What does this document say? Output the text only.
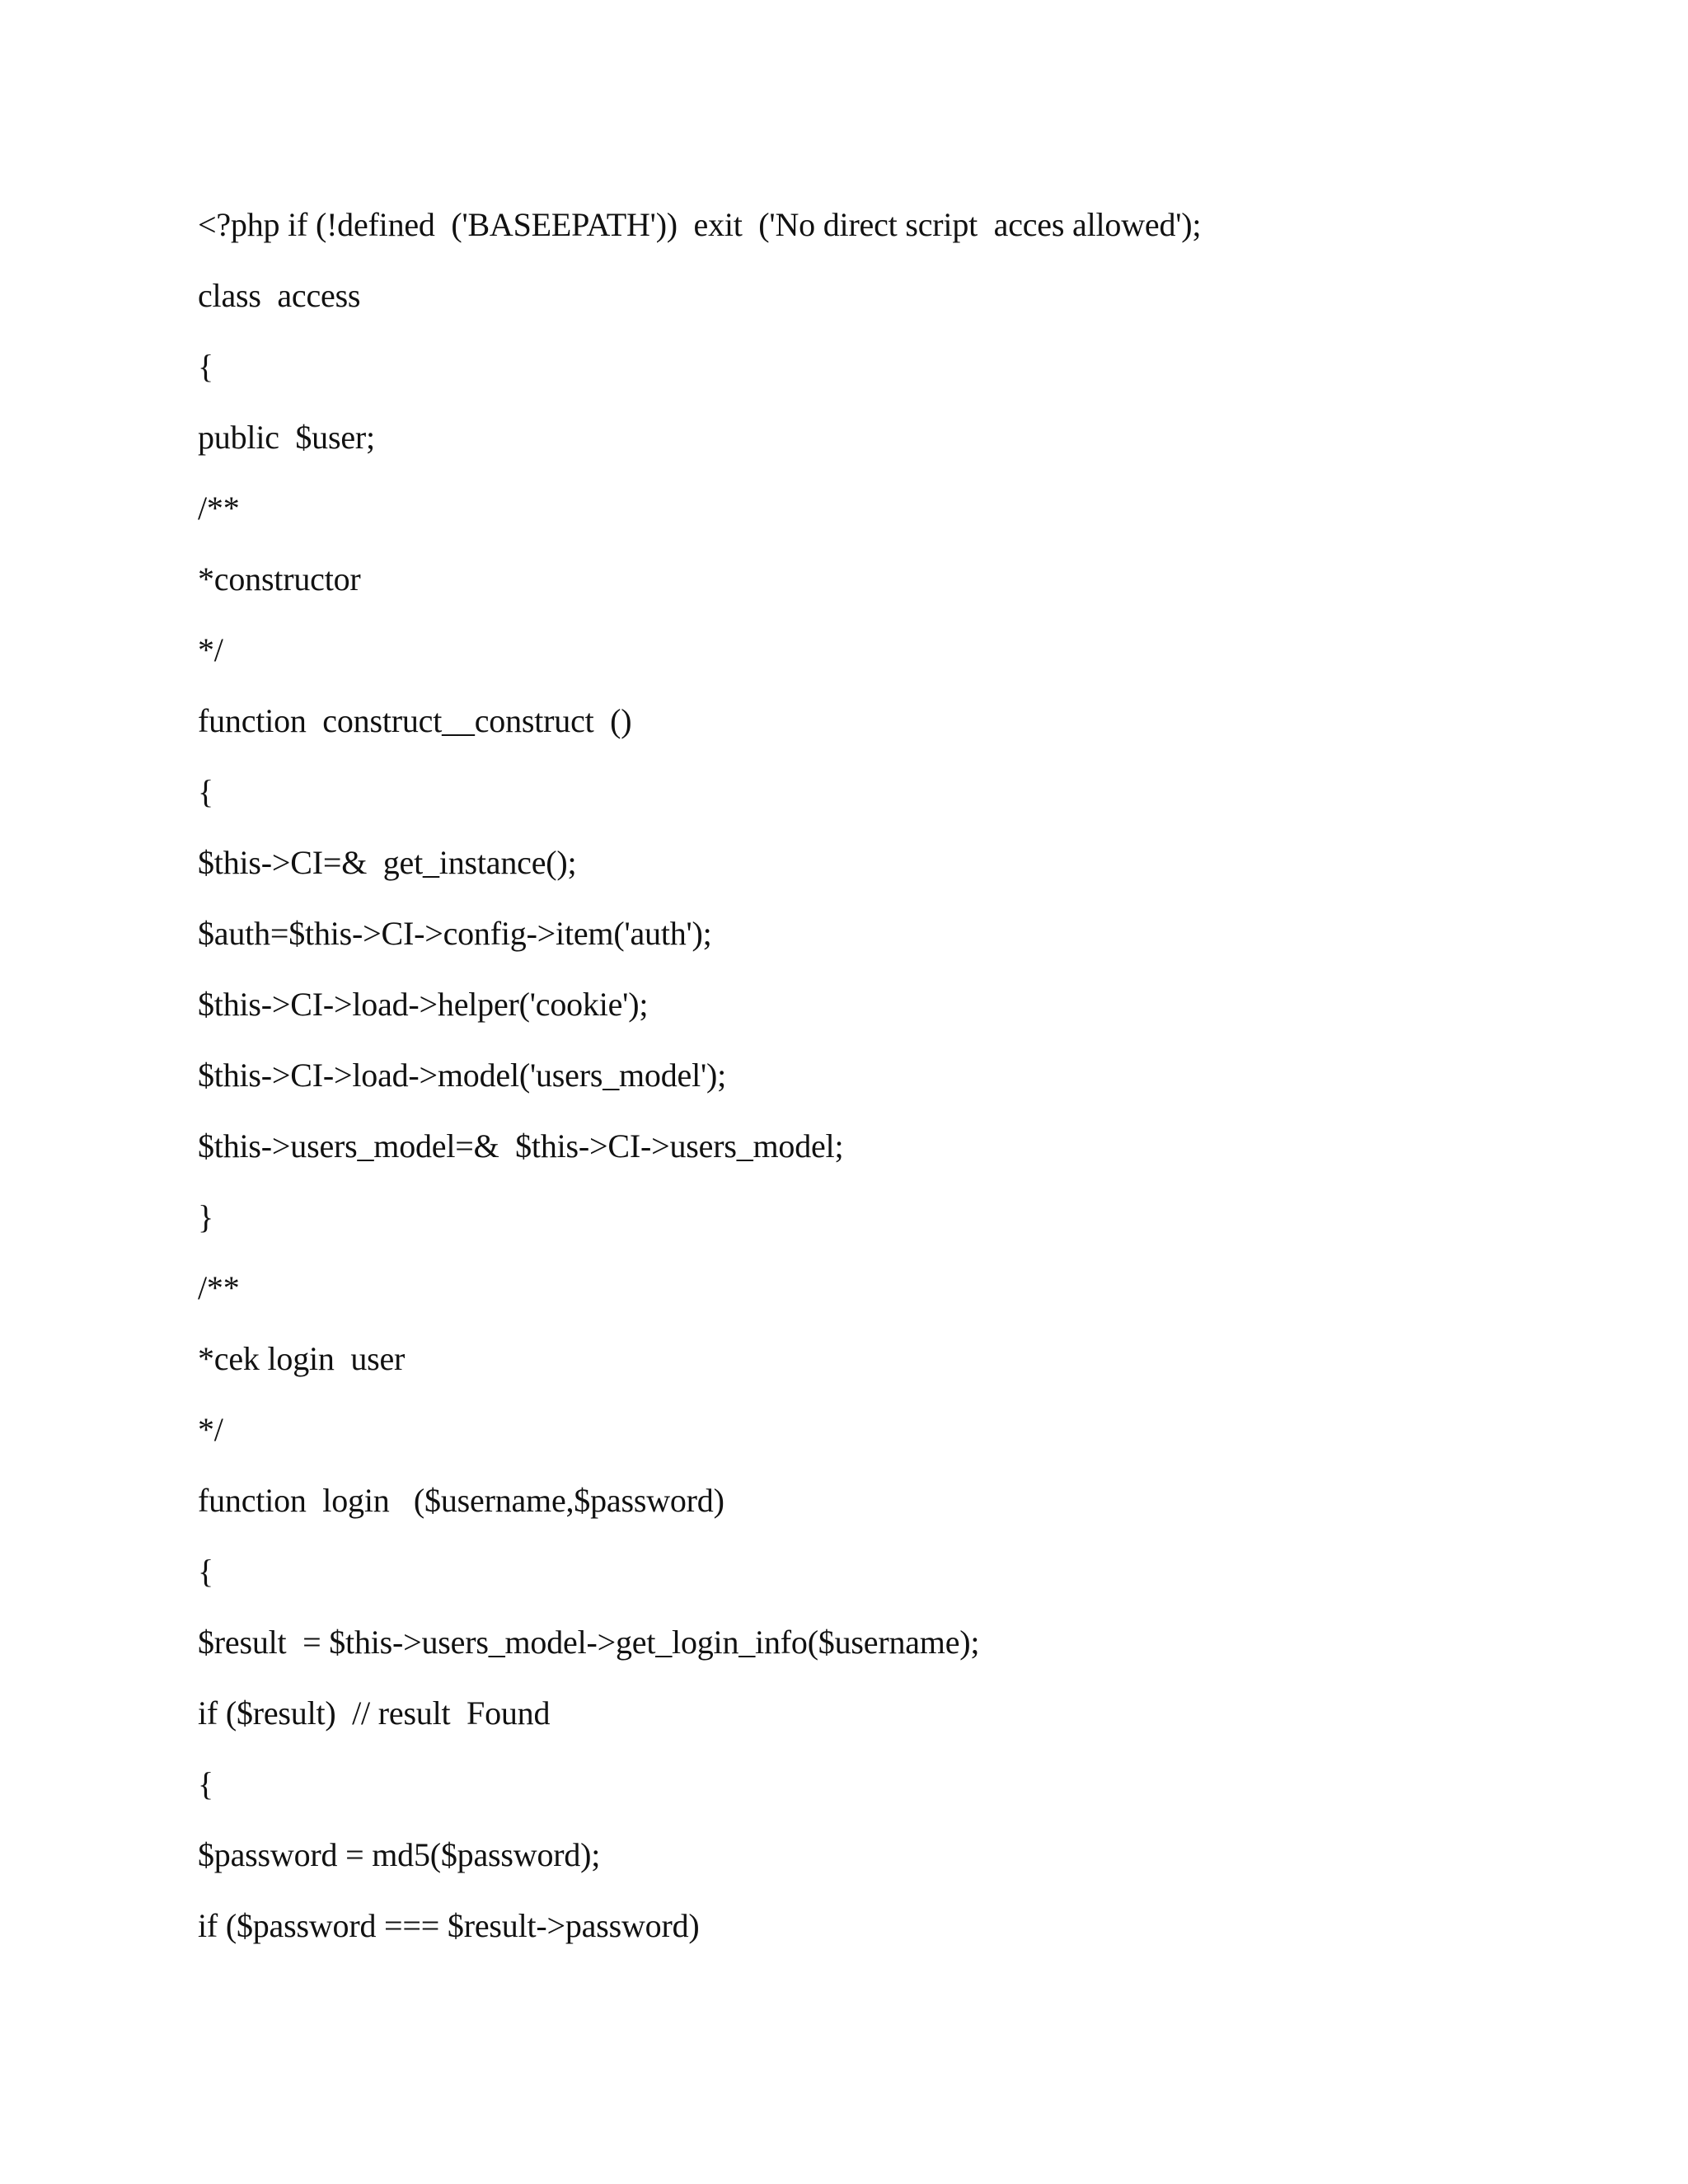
<?php if (!defined  ('BASEEPATH'))  exit  ('No direct script  acces allowed');
class  access
{
public  $user;
/**
*constructor
*/
function  construct__construct  ()
{
$this->CI=&  get_instance();
$auth=$this->CI->config->item('auth');
$this->CI->load->helper('cookie');
$this->CI->load->model('users_model');
$this->users_model=&  $this->CI->users_model;
}
/**
*cek login  user
*/
function  login   ($username,$password)
{
$result  = $this->users_model->get_login_info($username);
if ($result)  // result  Found
{
$password = md5($password);
if ($password === $result->password)
